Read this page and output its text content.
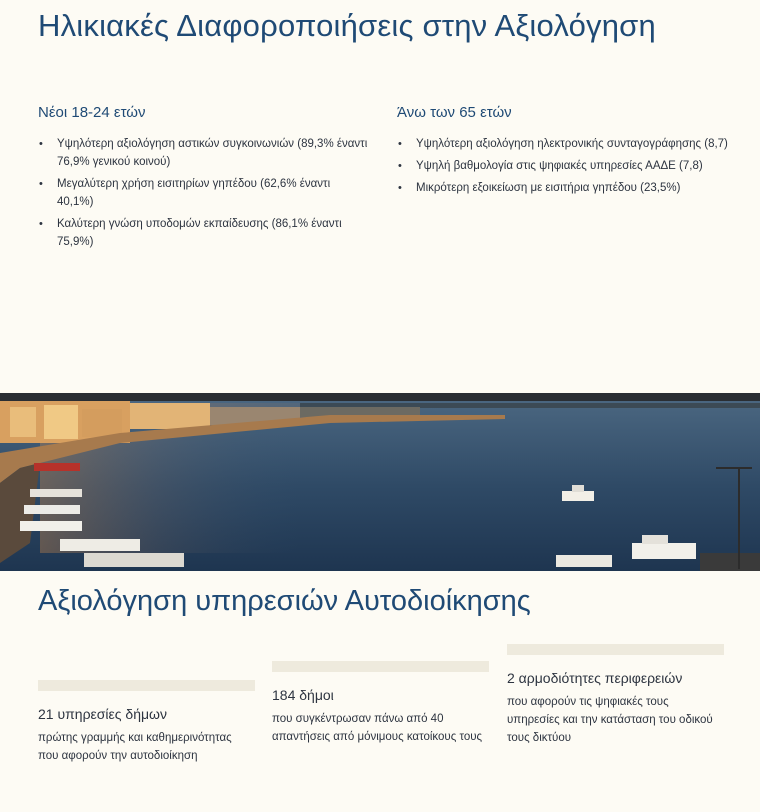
Ηλικιακές Διαφοροποιήσεις στην Αξιολόγηση
Νέοι 18-24 ετών
• Υψηλότερη αξιολόγηση αστικών συγκοινωνιών (89,3% έναντι 76,9% γενικού κοινού)
• Μεγαλύτερη χρήση εισιτηρίων γηπέδου (62,6% έναντι 40,1%)
• Καλύτερη γνώση υποδομών εκπαίδευσης (86,1% έναντι 75,9%)
Άνω των 65 ετών
• Υψηλότερη αξιολόγηση ηλεκτρονικής συνταγογράφησης (8,7)
• Υψηλή βαθμολογία στις ψηφιακές υπηρεσίες ΑΑΔΕ (7,8)
• Μικρότερη εξοικείωση με εισιτήρια γηπέδου (23,5%)
Αξιολόγηση υπηρεσιών Αυτοδιοίκησης
21 υπηρεσίες δήμων
πρώτης γραμμής και καθημερινότητας που αφορούν την αυτοδιοίκηση
184 δήμοι
που συγκέντρωσαν πάνω από 40 απαντήσεις από μόνιμους κατοίκους τους
2 αρμοδιότητες περιφερειών
που αφορούν τις ψηφιακές τους υπηρεσίες και την κατάσταση του οδικού τους δικτύου
